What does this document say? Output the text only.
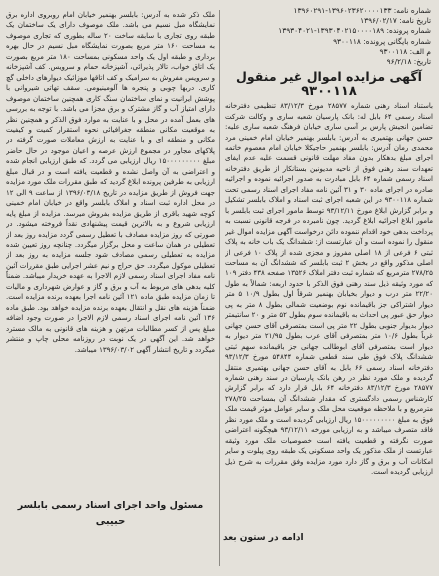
شماره نامه: ۱۳۹۶۰۲۳۶۲۰۰۰۰۱۳۳-۱۳۹۶۰۲۹۱
تاریخ نامه: ۱۳۹۶/۰۲/۱۷
شماره پرونده: ۱۳۹۳۰۴۰۲۱۵۰۰۰۰۱۸۹-۱۳۹۳۰۴۰۲۱
شماره بایگانی پرونده: ۹۳۰۰۱۱۸
م الف: ۹۳۰۰۱۱۸
تاریخ: ۹۶/۲/۱۸
آگهی مزایده اموال غیر منقول
۹۳۰۰۱۱۸
باستناد اسناد رهنی شماره ۲۸۵۷۷ مورخ ۸۳/۱۲/۳ تنظیمی دفترخانه اسناد رسمی ۶۴ بابل له: بانک پارسیان شعبه ساری و وکالت شرکت تضامین انجیش پارس بر آسی ساری خیابان فرهنگ شعبه ساری علیه: حسن جهانی بهتمیری به آدرس: بابلسر بهنمیر خیابان امام خمینی مرد محمدی رمان آدرس: بابلسر بهنمیر حاجیکلا خیابان امام معصوم خاتمه اجرای مبلغ بدهکار بدون مفاد مهلت قانونی قسمت علیه عدم ایفای تعهدات سند رهنی فوق از ناحیه مدیونین بستانکار از طریق دفترخانه اسناد رسمی شماره ۶۴ بابل مبادرت به صدور اجرائیه نموده و اجرائیه صادره در اجرای ماده ۳۰ و ۳۱ آئین نامه مفاد اجرای اسناد رسمی تحت شماره ۹۳۰۰۱۱۸ در این شعبه اجرای ثبت اسناد و املاک بابلسر تشکیل و برابر گزارش ابلاغ مورخ ۹۳/۱۲/۱۱ توسط مامور اجرای ثبت بابلسر با مامور ابلاغ اجرائیه ابلاغ گردید. چون نامبرده در فرجه قانونی نسبت به پرداخت بدهی خود اقدام ننموده دائن درخواست آگهی مزایده اموال غیر منقول را نموده است و آن عبارتست از: ششدانگ یک باب خانه به پلاک ثبتی ۶ فرعی از ۱۸ اصلی مفروز و مجزی شده از پلاک ۱۰ فرعی از اصلی مذکور واقع در بخش ۲ ثبت بابلسر که ششدانگ آن به مساحت ۲۷۸/۲۵ مترمربع که شماره ثبت دفتر املاک ۱۳۵۲۶ صفحه ۴۳۸ دفتر ۱۰۹ که مورد وثیقه ذیل سند رهنی فوق الذکر با حدود اربعه: شمالاً به طول ۲۲/۲۰ متر درب و دیوار بخیابان بهنمیر شرقاً اول بطول ۱۰/۹ ۵ متر دیوار اشتراکی جز باقیمانده نوم بوضعیت شمالی بطول ۸ متر به پی دیوار حق عبور پی احداث به باقیمانده سوم بطول ۵۲ متر و ۲۰ سانتیمتر دیوار بدیوار جنوبی بطول ۲۲ متر پی است بمتصرفی آقای حسن جهانی غرباً بطول ۱۰/۶ متر بمتصرفی آقای عرب بطول ۲۱/۹۵ متر دیوار به دیوار است بمتصرفی آقای ابوطالب جهانی جز باقیمانده سهم ثبتی ششدانگ پلاک فوق طی سند قطعی شماره ۵۴۸۴۴ مورخ ۹۳/۱۲/۳ دفترخانه اسناد رسمی ۶۶ بابل به آقای حسن جهانی بهتمیری منتقل گردیده و ملک مورد نظر در رهن بانک پارسیان در سند رهنی شماره ۲۸۵۷۷ مورخ ۸۳/۱۲/۳ دفترخانه ۶۴ بابل قرار دارد که برابر گزارش کارشناس رسمی دادگستری که مقدار ششدانگ آن بمساحت ۲۷۸/۲۵ مترمربع و با ملاحظه موقعیت محل ملک و سایر عوامل موثر قیمت ملک فوق به مبلغ ۱۵۰۰۰۰۰۰۰۰۰ ریال ارزیابی گردیده است و ملک مورد نظر فاقد متصرف میباشد و به ارزیابی مورخه ۹۳/۱۲/۱۱ هیچگونه اعتراضی صورت نگرفته و قطعیت یافته است خصوصیات ملک مورد وثیقه عبارتست از ملک مذکور یک واحد مسکونی یک طبقه روی پیلوت و سایر امکانات آب و برق و گاز دارد مورد مزایده وفق مقررات به شرح ذیل ارزیابی گردیده است.
ادامه در ستون بعد
ملک ذکر شده به آدرس: بابلسر بهنمیر خیابان امام روبروی اداره برق نمایشگاه مبل نسیم می باشد. ملک موصوف دارای یک ساختمان یک طبقه روی تجاری با سابقه ساخت ۲۰ ساله بطوری که تجاری موصوف به مساحت ۱۶۰ متر مربع بصورت نمایشگاه مبل نسیم در حال بهره برداری و طبقه اول یک واحد مسکونی بمساحت ۱۸۰ متر مربع بصورت یک اتاق خواب، تالار پذیرائی، آشپزخانه حمام و سرویس. کف آشپزخانه و سرویس مفروش به سرامیک و کف اتاقها موزائیک دیوارهای داخلی گچ کاری. دربها چوبی و پنجره ها آلومینیومی. سقف تهاتی شیروانی با پوشش ایرانیت و نمای ساختمان سنگ کاری همچنین ساختمان موصوف دارای امتیاز آب و گاز مشترک و برق مجزا می باشد. با توجه به بررسی های بعمل آمده در محل و با عنایت به موارد فوق الذکر و همچنین نظر به موقعیت مکانی منطقه جغرافیائی نحوه استقرار کمیت و کیفیت مکانی و منطقه ای و با عنایت به ارزش معاملات صورت گرفته در پلاکهای مجاور در مجموع ارزش عرصه و اعیان موجود در حال حاضر مبلغ ۱۵۰۰۰۰۰۰۰۰۰ ریال ارزیابی می گردد. که طبق ارزیابی انجام شده و اعتراضی به آن واصل نشده و قطعیت یافته است و در قبال مبلغ ارزیابی به طرفین پرونده ابلاغ گردید که طبق مقررات ملک مورد مزایده جهت فروش از طریق مزایده در تاریخ ۱۳۹۶/۰۳/۱۸ از ساعت ۹ الی ۱۲ در محل اداره ثبت اسناد و املاک بابلسر واقع در خیابان امام خمینی کوچه شهید باقری از طریق مزایده بفروش میرسد. مزایده از مبلغ پایه ارزیابی شروع و به بالاترین قیمت پیشنهادی نقداً فروخته میشود. در صورتی که روز مزایده مصادف با تعطیل رسمی گردد مزایده روز بعد از تعطیلی در همان ساعت و محل برگزار میگردد. چنانچه روز تعیین شده مزایده به تعطیلی رسمی مصادف شود جلسه مزایده به روز بعد از تعطیلی موکول میگردد. حق حراج و نیم عشر اجرایی طبق مقررات آئین نامه مفاد اجرای اسناد رسمی لازم الاجرا به عهده خریدار میباشد. ضمناً کلیه بدهی های مربوط به آب و برق و گاز و عوارض شهرداری و مالیات تا زمان مزایده طبق ماده ۱۲۱ آئین نامه اجرا بعهده برنده مزایده است. ضمناً هزینه های نقل و انتقال بعهده برنده مزایده خواهد بود. طبق ماده ۱۳۶ آئین نامه اجرای اسناد رسمی لازم الاجرا در صورت وجود اضافه مبلغ پس از کسر مطالبات مرتهن و هزینه های قانونی به مالک مسترد خواهد شد. این آگهی در یک نوبت در روزنامه محلی چاپ و منتشر میگردد و تاریخ انتشار آگهی ۱۳۹۶/۰۳/۰۲ میباشد.
مسئول واحد اجرای اسناد رسمی بابلسر
حبیبی
